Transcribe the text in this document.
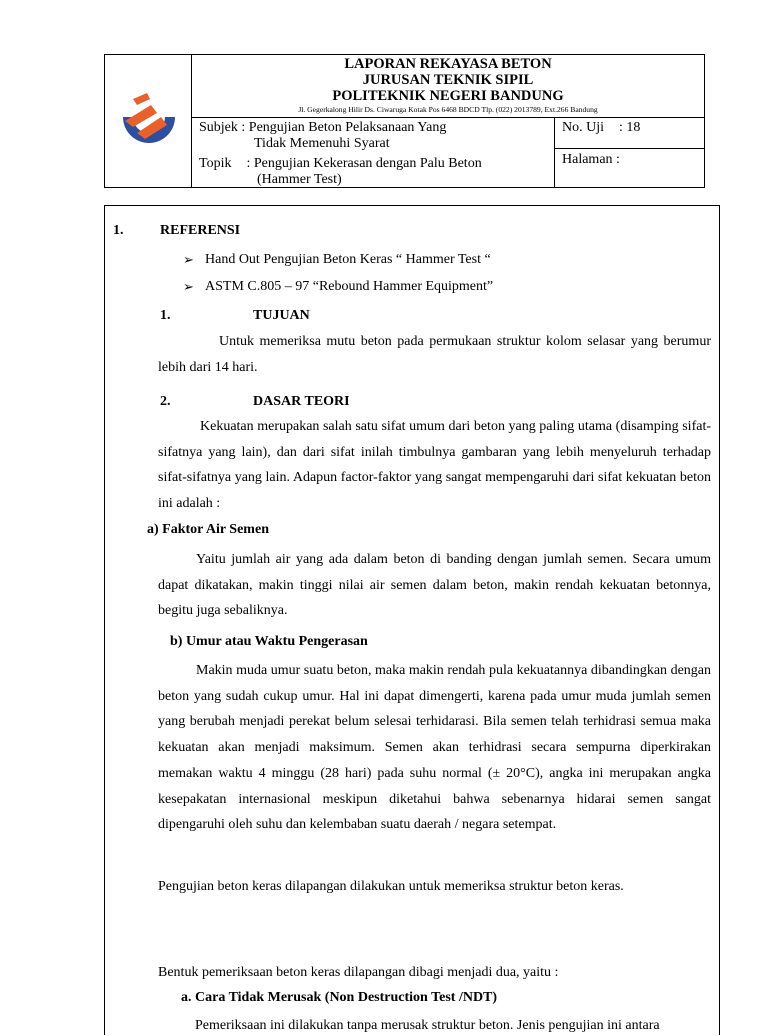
LAPORAN REKAYASA BETON
JURUSAN TEKNIK SIPIL
POLITEKNIK NEGERI BANDUNG
Jl. Gegerkalong Hilir Ds. Ciwaruga Kotak Pos 6468 BDCD Tlp. (022) 2013789, Ext.266 Bandung
Subjek : Pengujian Beton Pelaksanaan Yang
Tidak Memenuhi Syarat
Topik : Pengujian Kekerasan dengan Palu Beton
(Hammer Test)
No. Uji : 18
Halaman :
1.	REFERENSI
➢ Hand Out Pengujian Beton Keras “ Hammer Test “
➢ ASTM C.805 – 97 “Rebound Hammer Equipment”
1.	TUJUAN
Untuk memeriksa mutu beton pada permukaan struktur kolom selasar yang berumur lebih dari 14 hari.
2.	DASAR TEORI
Kekuatan merupakan salah satu sifat umum dari beton yang paling utama (disamping sifat-sifatnya yang lain), dan dari sifat inilah timbulnya gambaran yang lebih menyeluruh terhadap sifat-sifatnya yang lain. Adapun factor-faktor yang sangat mempengaruhi dari sifat kekuatan beton ini adalah :
a) Faktor Air Semen
Yaitu jumlah air yang ada dalam beton di banding dengan jumlah semen. Secara umum dapat dikatakan, makin tinggi nilai air semen dalam beton, makin rendah kekuatan betonnya, begitu juga sebaliknya.
b) Umur atau Waktu Pengerasan
Makin muda umur suatu beton, maka makin rendah pula kekuatannya dibandingkan dengan beton yang sudah cukup umur. Hal ini dapat dimengerti, karena pada umur muda jumlah semen yang berubah menjadi perekat belum selesai terhidarasi. Bila semen telah terhidrasi semua maka kekuatan akan menjadi maksimum. Semen akan terhidrasi secara sempurna diperkirakan memakan waktu 4 minggu (28 hari) pada suhu normal (± 20°C), angka ini merupakan angka kesepakatan internasional meskipun diketahui bahwa sebenarnya hidarai semen sangat dipengaruhi oleh suhu dan kelembaban suatu daerah / negara setempat.
Pengujian beton keras dilapangan dilakukan untuk memeriksa struktur beton keras.
Bentuk pemeriksaan beton keras dilapangan dibagi menjadi dua, yaitu :
a. Cara Tidak Merusak (Non Destruction Test /NDT)
Pemeriksaan ini dilakukan tanpa merusak struktur beton. Jenis pengujian ini antara
